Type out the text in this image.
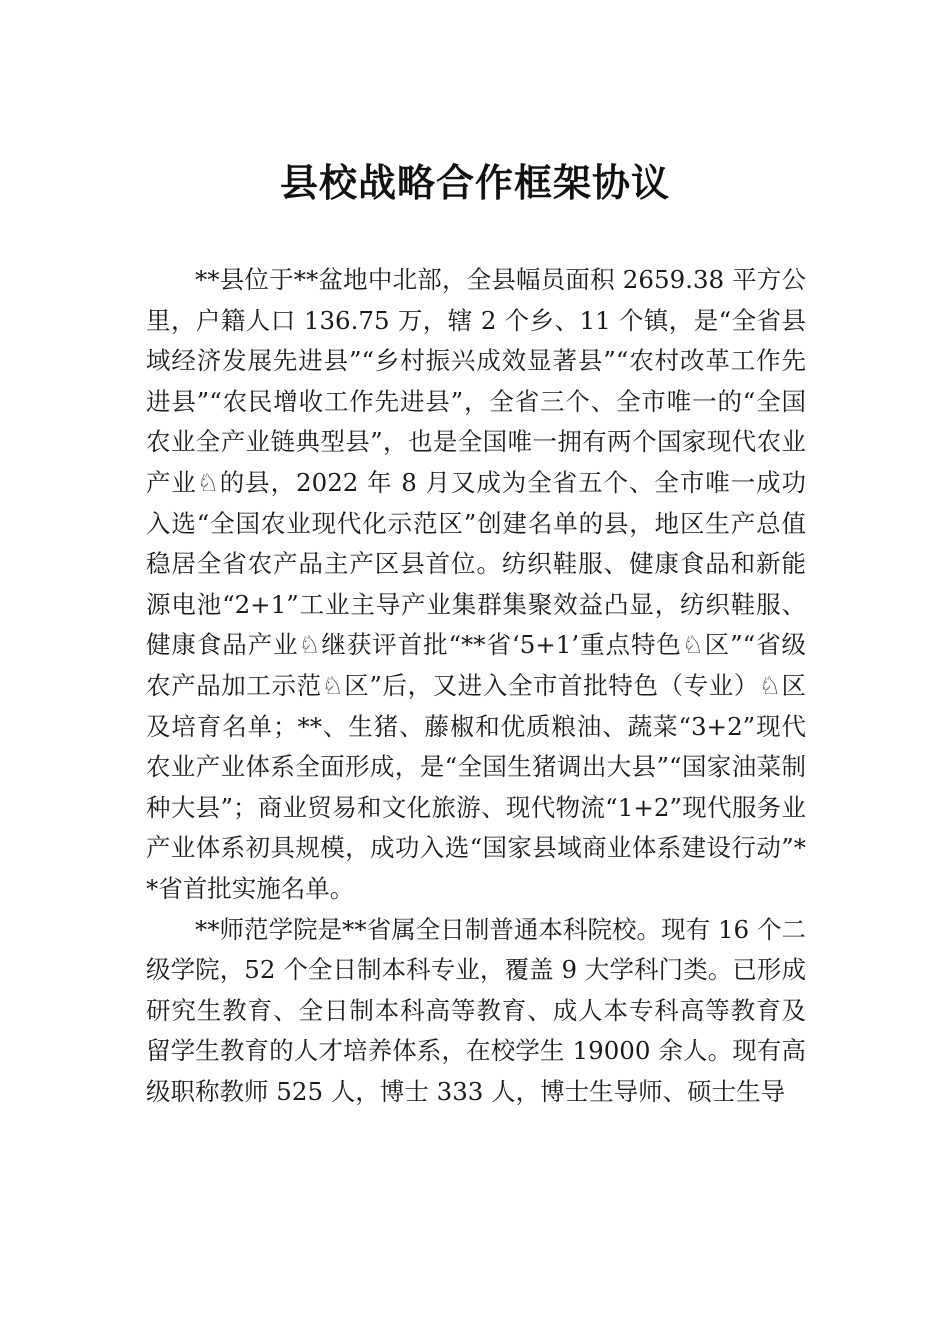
县校战略合作框架协议

**县位于**盆地中北部，全县幅员面积 2659.38 平方公里，户籍人口 136.75 万，辖 2 个乡、11 个镇，是“全省县域经济发展先进县”“乡村振兴成效显著县”“农村改革工作先进县”“农民增收工作先进县”，全省三个、全市唯一的“全国农业全产业链典型县”，也是全国唯一拥有两个国家现代农业产业♘的县，2022 年 8 月又成为全省五个、全市唯一成功入选“全国农业现代化示范区”创建名单的县，地区生产总值稳居全省农产品主产区县首位。纺织鞋服、健康食品和新能源电池“2+1”工业主导产业集群集聚效益凸显，纺织鞋服、健康食品产业♘继获评首批“**省‘5+1’重点特色♘区”“省级农产品加工示范♘区”后，又进入全市首批特色（专业）♘区及培育名单；**、生猪、藤椒和优质粮油、蔬菜“3+2”现代农业产业体系全面形成，是“全国生猪调出大县”“国家油菜制种大县”；商业贸易和文化旅游、现代物流“1+2”现代服务业产业体系初具规模，成功入选“国家县域商业体系建设行动”**省首批实施名单。

**师范学院是**省属全日制普通本科院校。现有 16 个二级学院，52 个全日制本科专业，覆盖 9 大学科门类。已形成研究生教育、全日制本科高等教育、成人本专科高等教育及留学生教育的人才培养体系，在校学生 19000 余人。现有高级职称教师 525 人，博士 333 人，博士生导师、硕士生导
